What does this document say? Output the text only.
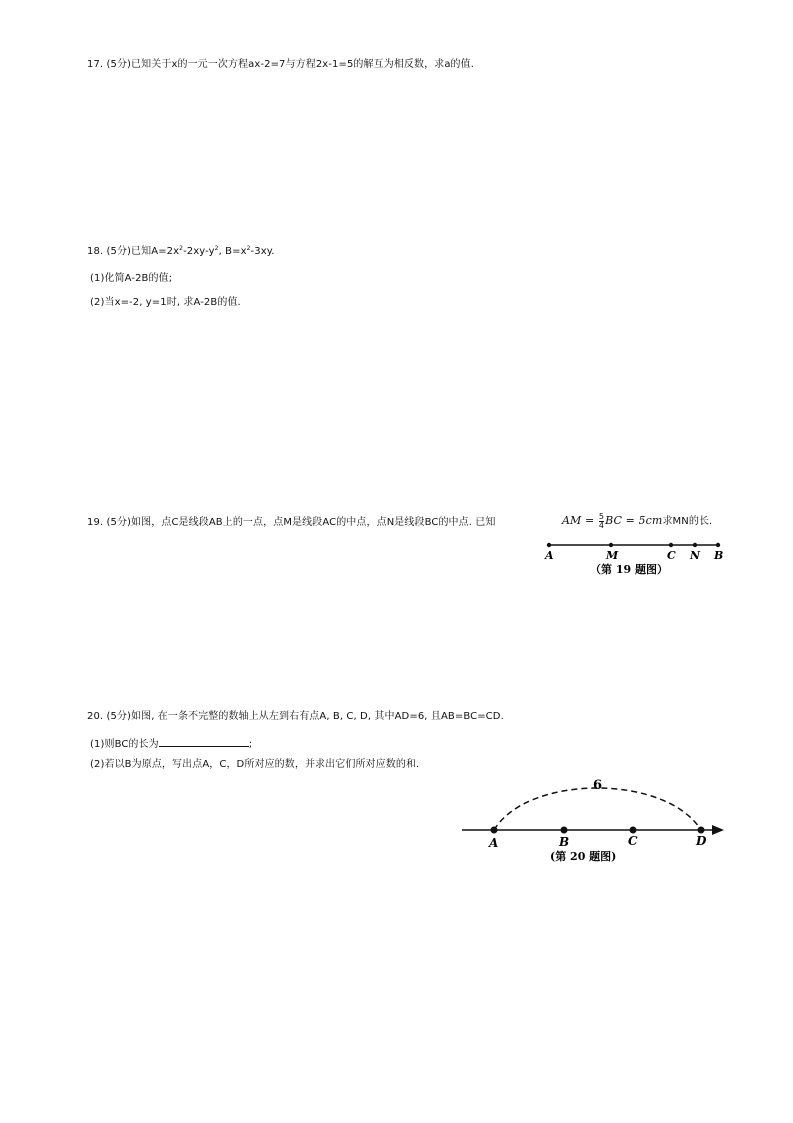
17. (5分)已知关于x的一元一次方程ax-2=7与方程2x-1=5的解互为相反数，求a的值.
18. (5分)已知$A=2x^2-2xy-y^2$, $B=x^2-3xy$.
(1)化简A-2B的值;
(2)当x=-2, y=1时, 求A-2B的值.
19. (5分)如图，点C是线段AB上的一点，点M是线段AC的中点，点N是线段BC的中点. 已知	AM = $\frac{5}{4}$ BC = 5cm求MN的长.
A	M	C N B
（第 19 题图）
20. (5分)如图, 在一条不完整的数轴上从左到右有点A, B, C, D, 其中AD=6, 且AB=BC=CD.
(1)则BC的长为	;
(2)若以B为原点，写出点A，C，D所对应的数，并求出它们所对应数的和.
6
A	B	C	D
(第 20 题图)
